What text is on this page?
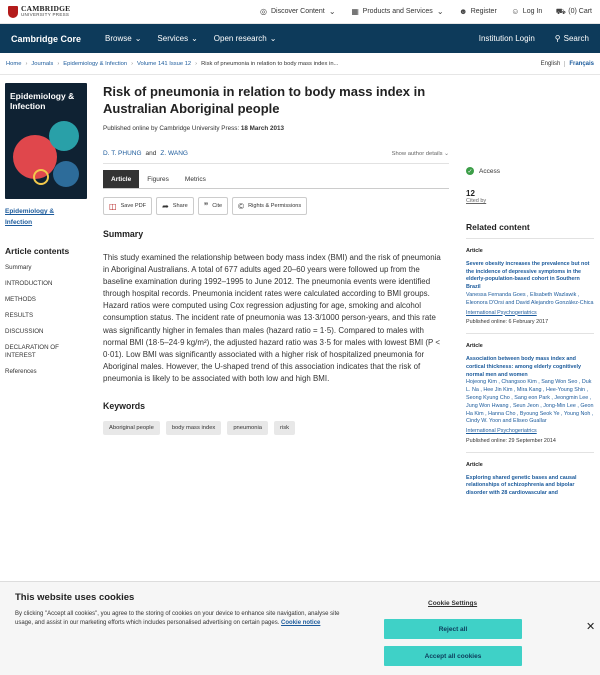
CAMBRIDGE
UNIVERSITY PRESS	◎ Discover Content ⌄ ▦ Products and Services ⌄ ☻ Register ☺ Log In ⛟ (0) Cart
Cambridge Core	Browse ⌄ Services ⌄ Open research ⌄	Institution Login	⚲ Search
Home › Journals › Epidemiology & Infection › Volume 141 Issue 12 › Risk of pneumonia in relation to body mass index in...	English	Français
Epidemiology &
Infection
Epidemiology &
Infection
Article contents
Summary
INTRODUCTION
METHODS
RESULTS
DISCUSSION
DECLARATION OF
INTEREST
References
Risk of pneumonia in relation to body mass index in Australian Aboriginal people
Published online by Cambridge University Press: 18 March 2013
D. T. PHUNG and Z. WANG	Show author details ⌄
Article	Figures	Metrics
◫ Save PDF ➦ Share ” Cite © Rights & Permissions
Summary

This study examined the relationship between body mass index (BMI) and the risk of pneumonia in Aboriginal Australians. A total of 677 adults aged 20–60 years were followed up from the baseline examination during 1992–1995 to June 2012. The pneumonia events were identified through hospital records. Pneumonia incident rates were calculated according to BMI groups. Hazard ratios were computed using Cox regression adjusting for age, smoking and alcohol consumption status. The incident rate of pneumonia was 13·3/1000 person-years, and this rate was significantly higher in females than males (hazard ratio = 1·5). Compared to males with normal BMI (18·5–24·9 kg/m²), the adjusted hazard ratio was 3·5 for males with lowest BMI (P < 0·01). Low BMI was significantly associated with a higher risk of hospitalized pneumonia for Aboriginal males. However, the U-shaped trend of this association indicates that the risk of pneumonia is likely to be associated with both low and high BMI.

Keywords
Aboriginal people	body mass index	pneumonia	risk
✓ Access
12
Cited by
Related content
Article
Severe obesity increases the prevalence but not the incidence of depressive symptoms in the elderly-population-based cohort in Southern Brazil
Vanessa Fernanda Goes , Elisabeth Wazlawik , Eleonora D'Orsi and David Alejandro González-Chica
International Psychogeriatrics
Published online: 6 February 2017
Article
Association between body mass index and cortical thickness: among elderly cognitively normal men and women
Hojeong Kim , Changsoo Kim , Sang Won Seo , Duk L. Na , Hee Jin Kim , Mira Kang , Hee-Young Shin , Seong Kyung Cho , Sang eon Park , Jeongmin Lee , Jung Won Hwang , Seun Jeon , Jong-Min Lee , Geon Ha Kim , Hanna Cho , Byoung Seok Ye , Young Noh , Cindy W. Yoon and Eliseo Guallar
International Psychogeriatrics
Published online: 29 September 2014
Article
Exploring shared genetic bases and causal relationships of schizophrenia and bipolar disorder with 28 cardiovascular and
This website uses cookies
By clicking "Accept all cookies", you agree to the storing of cookies on your device to enhance site navigation, analyse site usage, and assist in our marketing efforts which includes personalised advertising on certain pages. Cookie notice
Cookie Settings
Reject all
Accept all cookies
✕
